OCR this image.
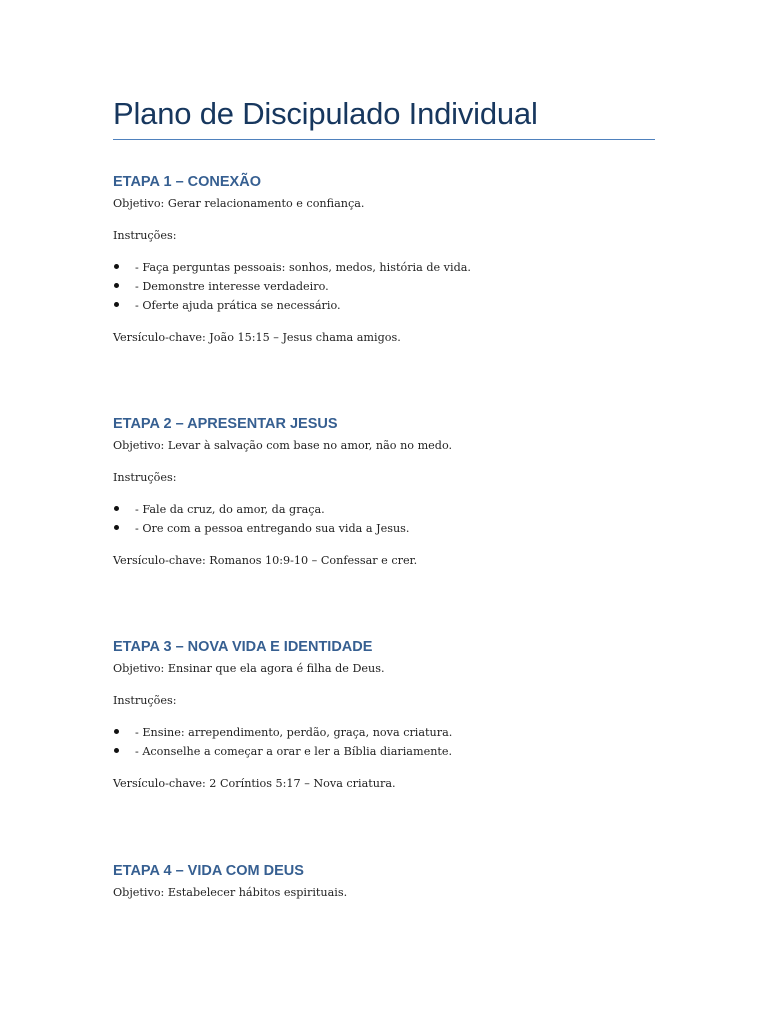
Plano de Discipulado Individual
ETAPA 1 – CONEXÃO

Objetivo: Gerar relacionamento e confiança.

Instruções:

- Faça perguntas pessoais: sonhos, medos, história de vida.
- Demonstre interesse verdadeiro.
- Oferte ajuda prática se necessário.

Versículo-chave: João 15:15 – Jesus chama amigos.

ETAPA 2 – APRESENTAR JESUS

Objetivo: Levar à salvação com base no amor, não no medo.

Instruções:

- Fale da cruz, do amor, da graça.
- Ore com a pessoa entregando sua vida a Jesus.

Versículo-chave: Romanos 10:9-10 – Confessar e crer.

ETAPA 3 – NOVA VIDA E IDENTIDADE

Objetivo: Ensinar que ela agora é filha de Deus.

Instruções:

- Ensine: arrependimento, perdão, graça, nova criatura.
- Aconselhe a começar a orar e ler a Bíblia diariamente.

Versículo-chave: 2 Coríntios 5:17 – Nova criatura.

ETAPA 4 – VIDA COM DEUS

Objetivo: Estabelecer hábitos espirituais.
